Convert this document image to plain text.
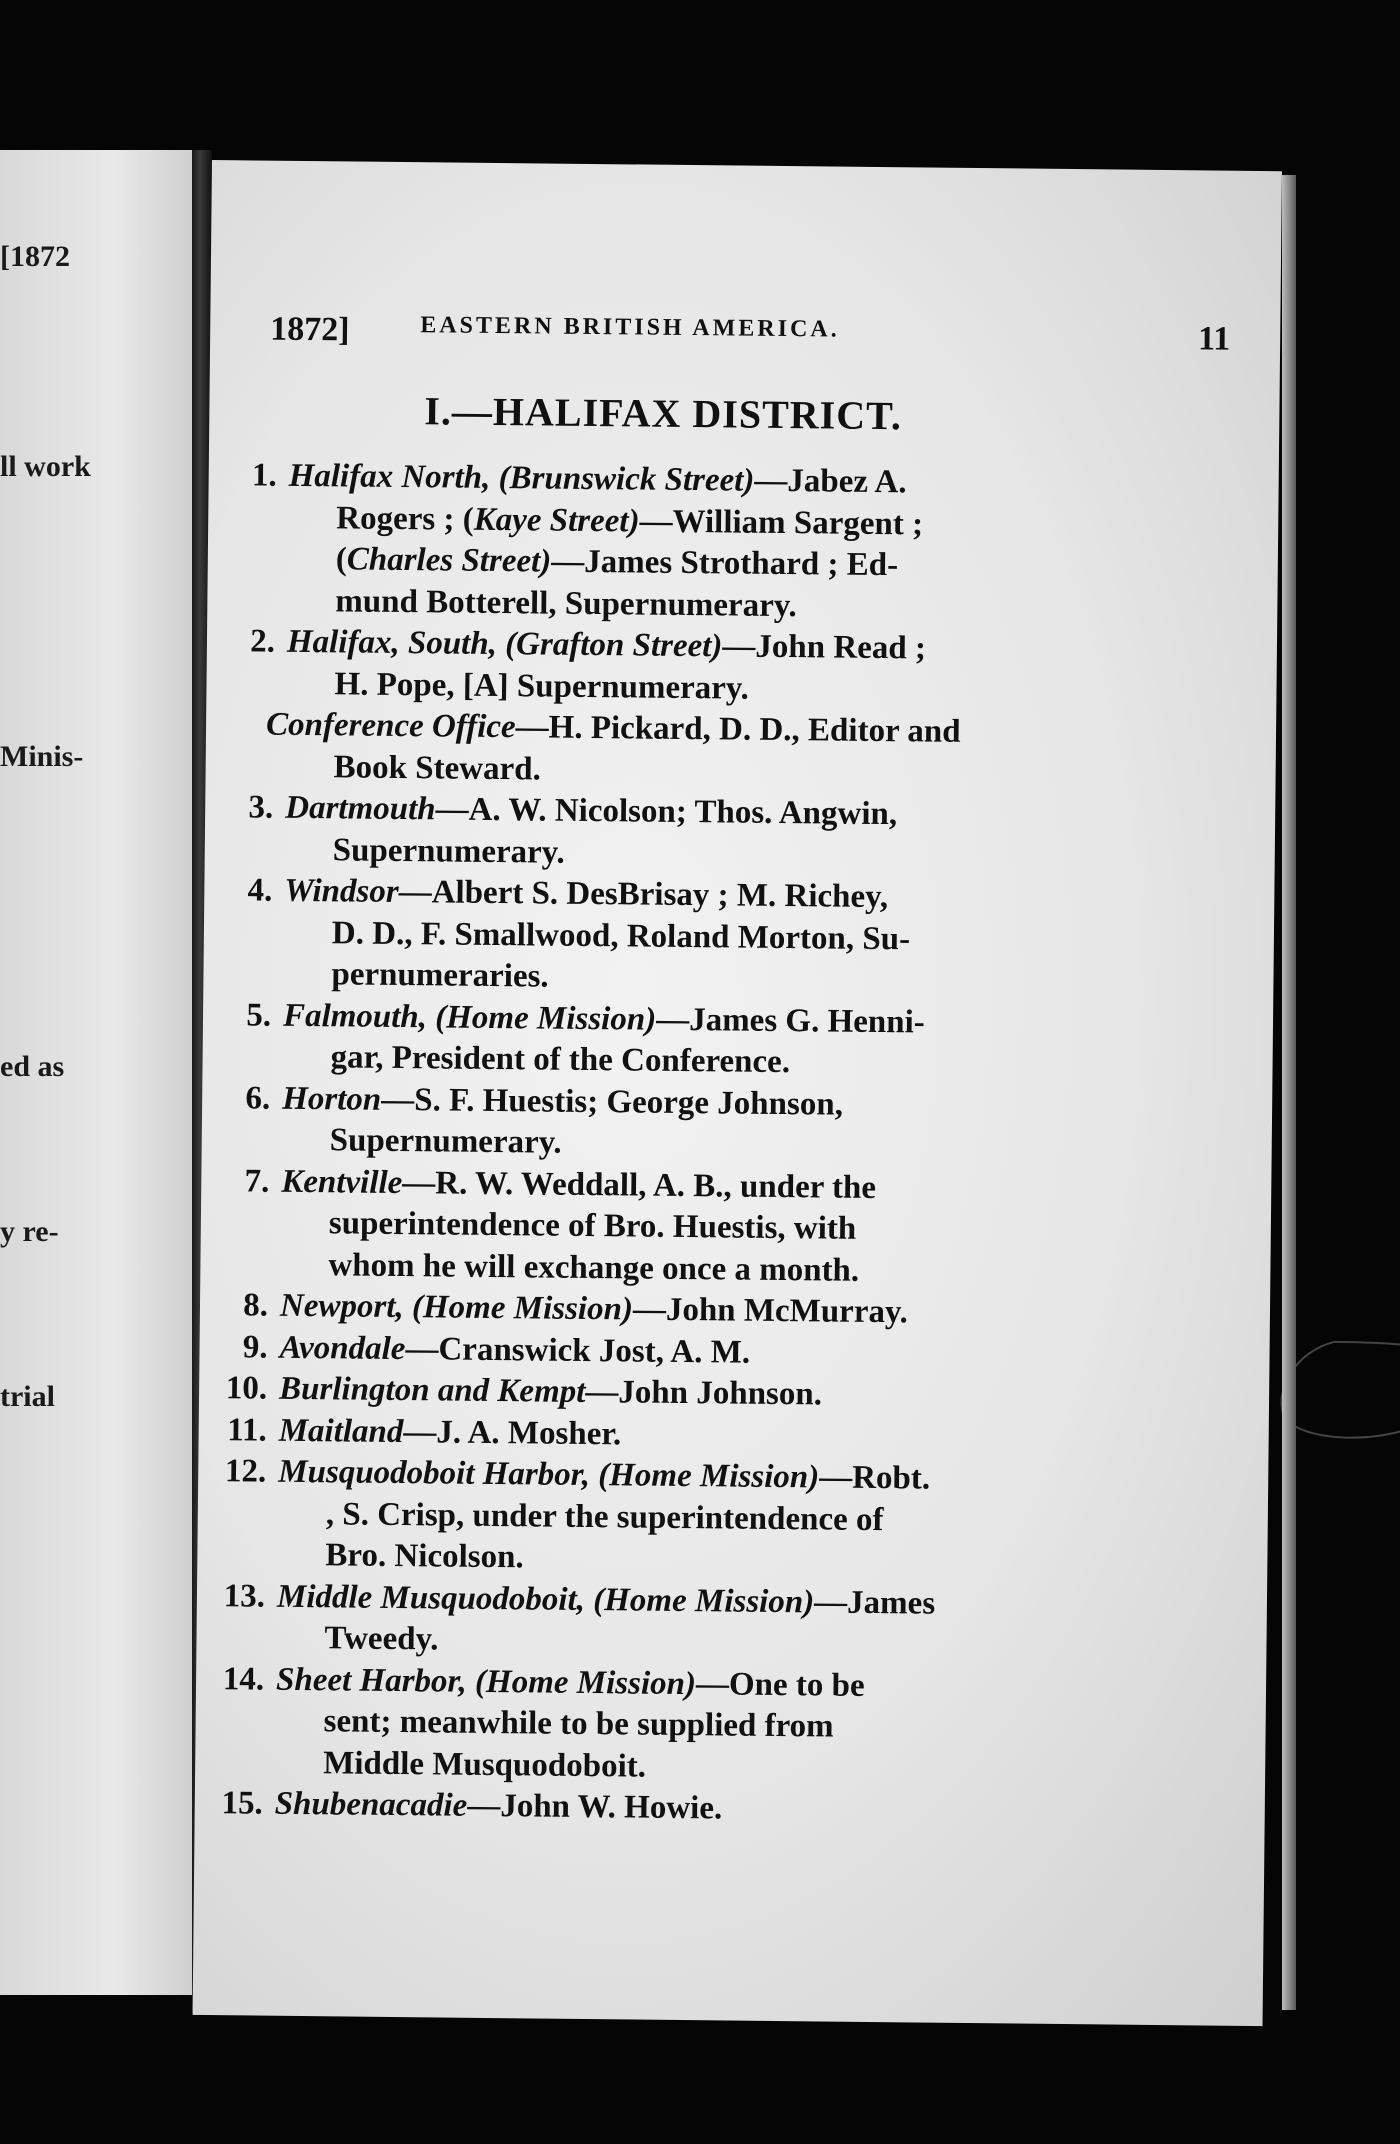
[1872
ll work
Minis-
ed as
y re-
trial
1872]	EASTERN BRITISH AMERICA.	11
I.—HALIFAX DISTRICT.
1. Halifax North, (Brunswick Street)—Jabez A.
Rogers ; (Kaye Street)—William Sargent ;
(Charles Street)—James Strothard ; Ed-
mund Botterell, Supernumerary.
2. Halifax, South, (Grafton Street)—John Read ;
H. Pope, [A] Supernumerary.
Conference Office—H. Pickard, D. D., Editor and
Book Steward.
3. Dartmouth—A. W. Nicolson; Thos. Angwin,
Supernumerary.
4. Windsor—Albert S. DesBrisay ; M. Richey,
D. D., F. Smallwood, Roland Morton, Su-
pernumeraries.
5. Falmouth, (Home Mission)—James G. Henni-
gar, President of the Conference.
6. Horton—S. F. Huestis; George Johnson,
Supernumerary.
7. Kentville—R. W. Weddall, A. B., under the
superintendence of Bro. Huestis, with
whom he will exchange once a month.
8. Newport, (Home Mission)—John McMurray.
9. Avondale—Cranswick Jost, A. M.
10. Burlington and Kempt—John Johnson.
11. Maitland—J. A. Mosher.
12. Musquodoboit Harbor, (Home Mission)—Robt.
, S. Crisp, under the superintendence of
Bro. Nicolson.
13. Middle Musquodoboit, (Home Mission)—James
Tweedy.
14. Sheet Harbor, (Home Mission)—One to be
sent; meanwhile to be supplied from
Middle Musquodoboit.
15. Shubenacadie—John W. Howie.
